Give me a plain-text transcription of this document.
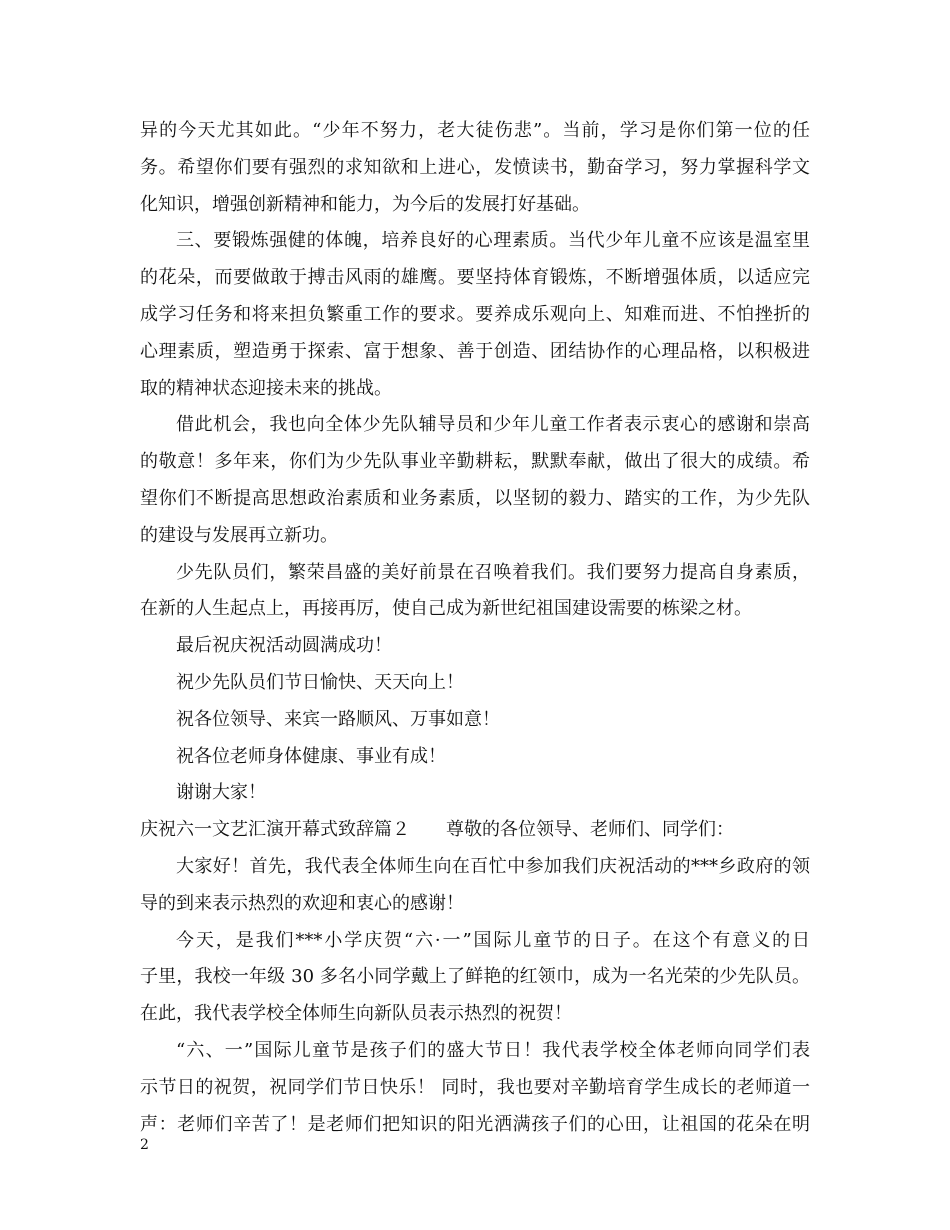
异的今天尤其如此。“少年不努力，老大徒伤悲”。当前，学习是你们第一位的任
务。希望你们要有强烈的求知欲和上进心，发愤读书，勤奋学习，努力掌握科学文
化知识，增强创新精神和能力，为今后的发展打好基础。
三、要锻炼强健的体魄，培养良好的心理素质。当代少年儿童不应该是温室里
的花朵，而要做敢于搏击风雨的雄鹰。要坚持体育锻炼，不断增强体质，以适应完
成学习任务和将来担负繁重工作的要求。要养成乐观向上、知难而进、不怕挫折的
心理素质，塑造勇于探索、富于想象、善于创造、团结协作的心理品格，以积极进
取的精神状态迎接未来的挑战。
借此机会，我也向全体少先队辅导员和少年儿童工作者表示衷心的感谢和崇高
的敬意！多年来，你们为少先队事业辛勤耕耘，默默奉献，做出了很大的成绩。希
望你们不断提高思想政治素质和业务素质，以坚韧的毅力、踏实的工作，为少先队
的建设与发展再立新功。
少先队员们，繁荣昌盛的美好前景在召唤着我们。我们要努力提高自身素质，
在新的人生起点上，再接再厉，使自己成为新世纪祖国建设需要的栋梁之材。
最后祝庆祝活动圆满成功！
祝少先队员们节日愉快、天天向上！
祝各位领导、来宾一路顺风、万事如意！
祝各位老师身体健康、事业有成！
谢谢大家！
庆祝六一文艺汇演开幕式致辞篇２　　尊敬的各位领导、老师们、同学们：
大家好！首先，我代表全体师生向在百忙中参加我们庆祝活动的***乡政府的领
导的到来表示热烈的欢迎和衷心的感谢！
今天，是我们***小学庆贺“六·一”国际儿童节的日子。在这个有意义的日
子里，我校一年级 30 多名小同学戴上了鲜艳的红领巾，成为一名光荣的少先队员。
在此，我代表学校全体师生向新队员表示热烈的祝贺！
“六、一”国际儿童节是孩子们的盛大节日！我代表学校全体老师向同学们表
示节日的祝贺，祝同学们节日快乐！ 同时，我也要对辛勤培育学生成长的老师道一
声：老师们辛苦了！是老师们把知识的阳光洒满孩子们的心田，让祖国的花朵在明
2
